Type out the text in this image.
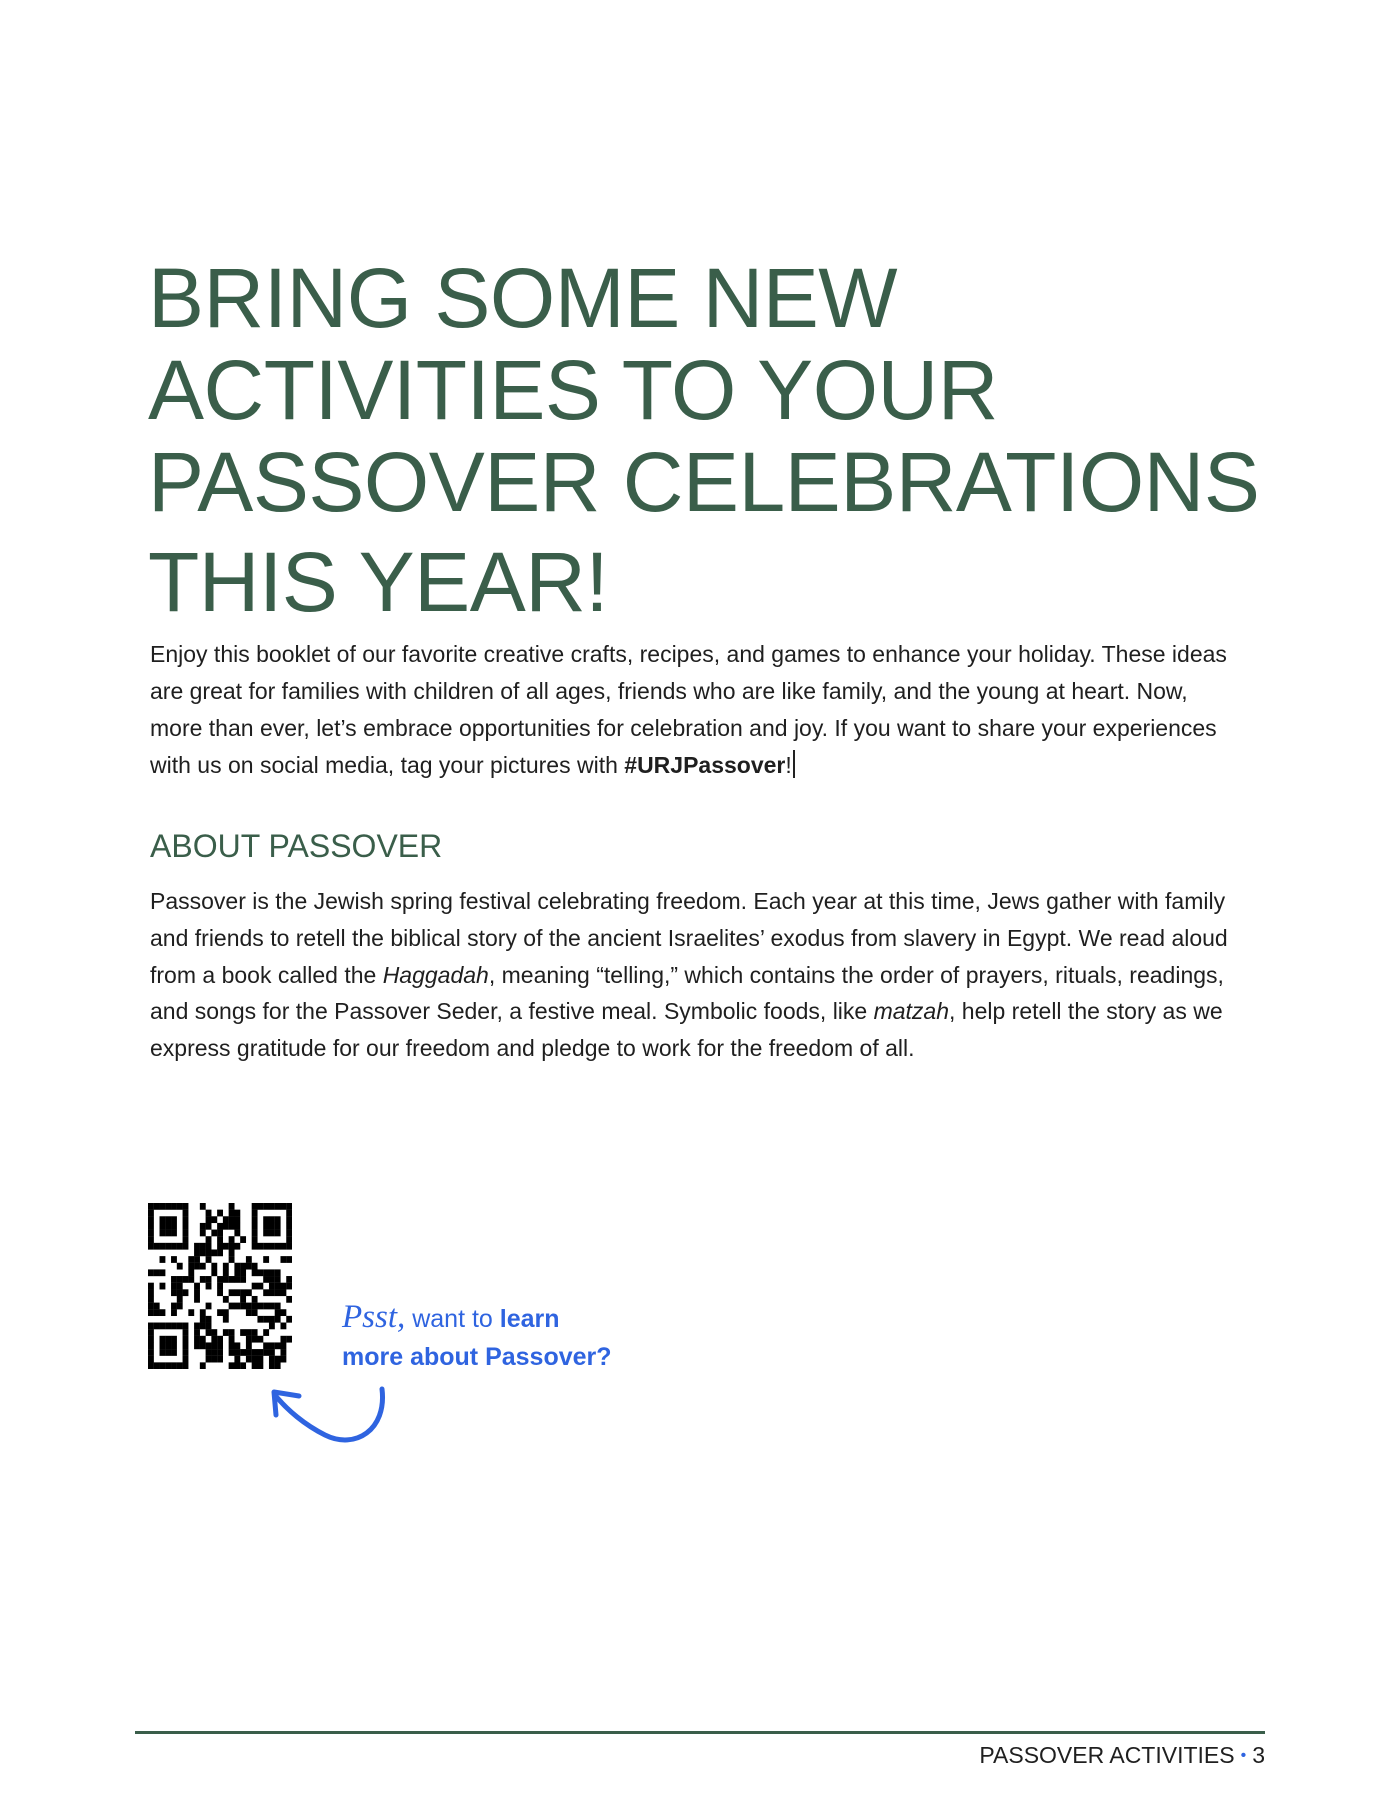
BRING SOME NEW
ACTIVITIES TO YOUR
PASSOVER CELEBRATIONS
THIS YEAR!

Enjoy this booklet of our favorite creative crafts, recipes, and games to enhance your holiday. These ideas are great for families with children of all ages, friends who are like family, and the young at heart. Now, more than ever, let’s embrace opportunities for celebration and joy. If you want to share your experiences with us on social media, tag your pictures with #URJPassover!

ABOUT PASSOVER

Passover is the Jewish spring festival celebrating freedom. Each year at this time, Jews gather with family and friends to retell the biblical story of the ancient Israelites’ exodus from slavery in Egypt. We read aloud from a book called the Haggadah, meaning “telling,” which contains the order of prayers, rituals, readings, and songs for the Passover Seder, a festive meal. Symbolic foods, like matzah, help retell the story as we express gratitude for our freedom and pledge to work for the freedom of all.

Psst, want to learn
more about Passover?
PASSOVER ACTIVITIES • 3
